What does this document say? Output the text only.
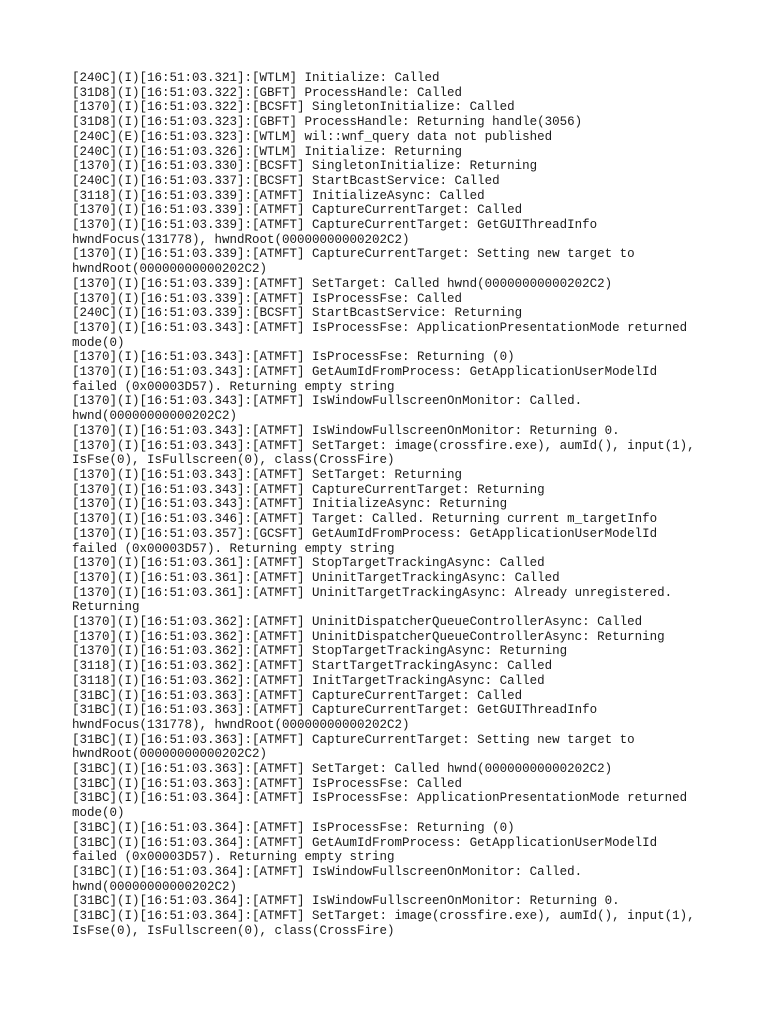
[240C](I)[16:51:03.321]:[WTLM] Initialize: Called
[31D8](I)[16:51:03.322]:[GBFT] ProcessHandle: Called
[1370](I)[16:51:03.322]:[BCSFT] SingletonInitialize: Called
[31D8](I)[16:51:03.323]:[GBFT] ProcessHandle: Returning handle(3056)
[240C](E)[16:51:03.323]:[WTLM] wil::wnf_query data not published
[240C](I)[16:51:03.326]:[WTLM] Initialize: Returning
[1370](I)[16:51:03.330]:[BCSFT] SingletonInitialize: Returning
[240C](I)[16:51:03.337]:[BCSFT] StartBcastService: Called
[3118](I)[16:51:03.339]:[ATMFT] InitializeAsync: Called
[1370](I)[16:51:03.339]:[ATMFT] CaptureCurrentTarget: Called
[1370](I)[16:51:03.339]:[ATMFT] CaptureCurrentTarget: GetGUIThreadInfo
hwndFocus(131778), hwndRoot(00000000000202C2)
[1370](I)[16:51:03.339]:[ATMFT] CaptureCurrentTarget: Setting new target to
hwndRoot(00000000000202C2)
[1370](I)[16:51:03.339]:[ATMFT] SetTarget: Called hwnd(00000000000202C2)
[1370](I)[16:51:03.339]:[ATMFT] IsProcessFse: Called
[240C](I)[16:51:03.339]:[BCSFT] StartBcastService: Returning
[1370](I)[16:51:03.343]:[ATMFT] IsProcessFse: ApplicationPresentationMode returned
mode(0)
[1370](I)[16:51:03.343]:[ATMFT] IsProcessFse: Returning (0)
[1370](I)[16:51:03.343]:[ATMFT] GetAumIdFromProcess: GetApplicationUserModelId
failed (0x00003D57). Returning empty string
[1370](I)[16:51:03.343]:[ATMFT] IsWindowFullscreenOnMonitor: Called.
hwnd(00000000000202C2)
[1370](I)[16:51:03.343]:[ATMFT] IsWindowFullscreenOnMonitor: Returning 0.
[1370](I)[16:51:03.343]:[ATMFT] SetTarget: image(crossfire.exe), aumId(), input(1),
IsFse(0), IsFullscreen(0), class(CrossFire)
[1370](I)[16:51:03.343]:[ATMFT] SetTarget: Returning
[1370](I)[16:51:03.343]:[ATMFT] CaptureCurrentTarget: Returning
[1370](I)[16:51:03.343]:[ATMFT] InitializeAsync: Returning
[1370](I)[16:51:03.346]:[ATMFT] Target: Called. Returning current m_targetInfo
[1370](I)[16:51:03.357]:[GCSFT] GetAumIdFromProcess: GetApplicationUserModelId
failed (0x00003D57). Returning empty string
[1370](I)[16:51:03.361]:[ATMFT] StopTargetTrackingAsync: Called
[1370](I)[16:51:03.361]:[ATMFT] UninitTargetTrackingAsync: Called
[1370](I)[16:51:03.361]:[ATMFT] UninitTargetTrackingAsync: Already unregistered.
Returning
[1370](I)[16:51:03.362]:[ATMFT] UninitDispatcherQueueControllerAsync: Called
[1370](I)[16:51:03.362]:[ATMFT] UninitDispatcherQueueControllerAsync: Returning
[1370](I)[16:51:03.362]:[ATMFT] StopTargetTrackingAsync: Returning
[3118](I)[16:51:03.362]:[ATMFT] StartTargetTrackingAsync: Called
[3118](I)[16:51:03.362]:[ATMFT] InitTargetTrackingAsync: Called
[31BC](I)[16:51:03.363]:[ATMFT] CaptureCurrentTarget: Called
[31BC](I)[16:51:03.363]:[ATMFT] CaptureCurrentTarget: GetGUIThreadInfo
hwndFocus(131778), hwndRoot(00000000000202C2)
[31BC](I)[16:51:03.363]:[ATMFT] CaptureCurrentTarget: Setting new target to
hwndRoot(00000000000202C2)
[31BC](I)[16:51:03.363]:[ATMFT] SetTarget: Called hwnd(00000000000202C2)
[31BC](I)[16:51:03.363]:[ATMFT] IsProcessFse: Called
[31BC](I)[16:51:03.364]:[ATMFT] IsProcessFse: ApplicationPresentationMode returned
mode(0)
[31BC](I)[16:51:03.364]:[ATMFT] IsProcessFse: Returning (0)
[31BC](I)[16:51:03.364]:[ATMFT] GetAumIdFromProcess: GetApplicationUserModelId
failed (0x00003D57). Returning empty string
[31BC](I)[16:51:03.364]:[ATMFT] IsWindowFullscreenOnMonitor: Called.
hwnd(00000000000202C2)
[31BC](I)[16:51:03.364]:[ATMFT] IsWindowFullscreenOnMonitor: Returning 0.
[31BC](I)[16:51:03.364]:[ATMFT] SetTarget: image(crossfire.exe), aumId(), input(1),
IsFse(0), IsFullscreen(0), class(CrossFire)
